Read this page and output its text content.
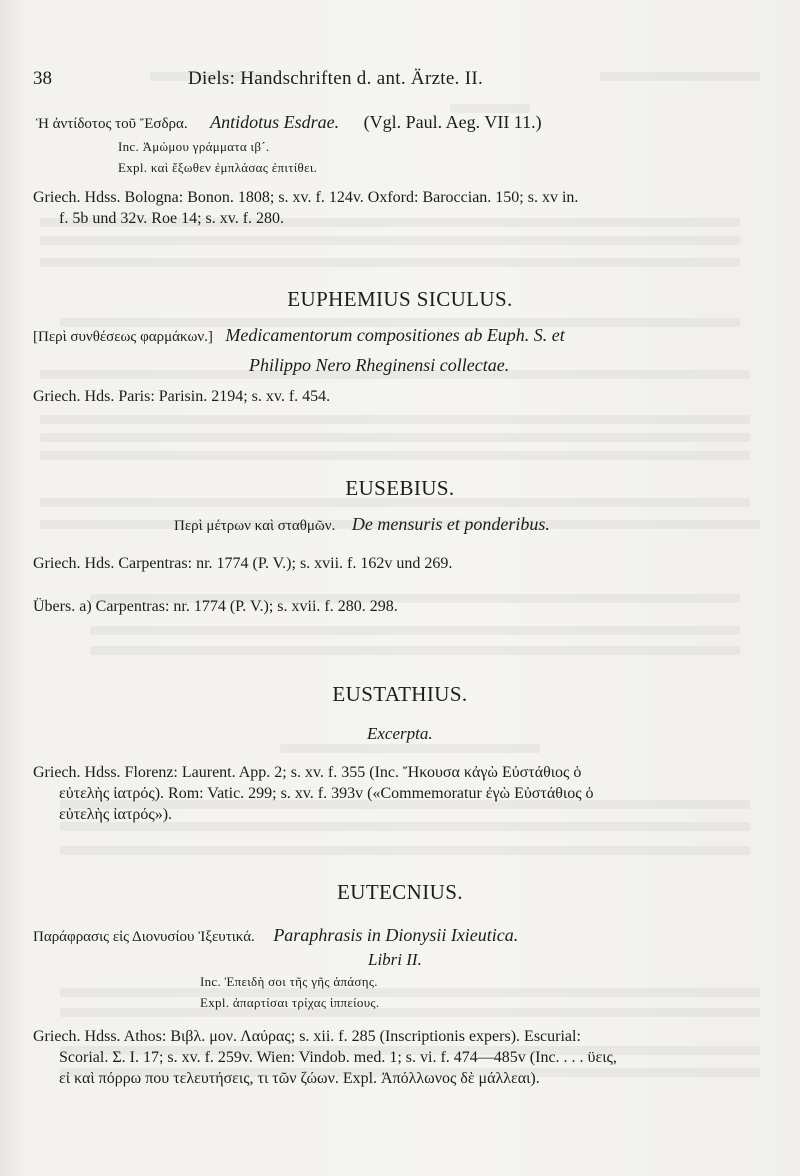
38	Diels: Handschriften d. ant. Ärzte. II.
Ἡ ἀντίδοτος τοῦ Ἔσδρα. Antidotus Esdrae. (Vgl. Paul. Aeg. VII 11.)
Inc. Ἀμώμου γράμματα ιβ´.
Expl. καὶ ἔξωθεν ἐμπλάσας ἐπιτίθει.
Griech. Hdss. Bologna: Bonon. 1808; s. xv. f. 124v. Oxford: Baroccian. 150; s. xv in.
f. 5b und 32v. Roe 14; s. xv. f. 280.
EUPHEMIUS SICULUS.
[Περὶ συνθέσεως φαρμάκων.] Medicamentorum compositiones ab Euph. S. et
Philippo Nero Rheginensi collectae.
Griech. Hds. Paris: Parisin. 2194; s. xv. f. 454.
EUSEBIUS.
Περὶ μέτρων καὶ σταθμῶν. De mensuris et ponderibus.
Griech. Hds. Carpentras: nr. 1774 (P. V.); s. xvii. f. 162v und 269.
Übers. a) Carpentras: nr. 1774 (P. V.); s. xvii. f. 280. 298.
EUSTATHIUS.
Excerpta.
Griech. Hdss. Florenz: Laurent. App. 2; s. xv. f. 355 (Inc. Ἤκουσα κἀγὼ Εὐστάθιος ὁ
εὐτελὴς ἰατρός). Rom: Vatic. 299; s. xv. f. 393v («Commemoratur ἐγὼ Εὐστάθιος ὁ
εὐτελὴς ἰατρός»).
EUTECNIUS.
Παράφρασις εἰς Διονυσίου Ἰξευτικά. Paraphrasis in Dionysii Ixieutica.
Libri II.
Inc. Ἐπειδὴ σοι τῆς γῆς ἁπάσης.
Expl. ἀπαρτίσαι τρίχας ἱππείους.
Griech. Hdss. Athos: Βιβλ. μον. Λαύρας; s. xii. f. 285 (Inscriptionis expers). Escurial:
Scorial. Σ. I. 17; s. xv. f. 259v. Wien: Vindob. med. 1; s. vi. f. 474—485v (Inc. . . . ϋεις,
εἰ καὶ πόρρω που τελευτήσεις, τι τῶν ζώων. Expl. Ἀπόλλωνος δὲ μάλλεαι).
